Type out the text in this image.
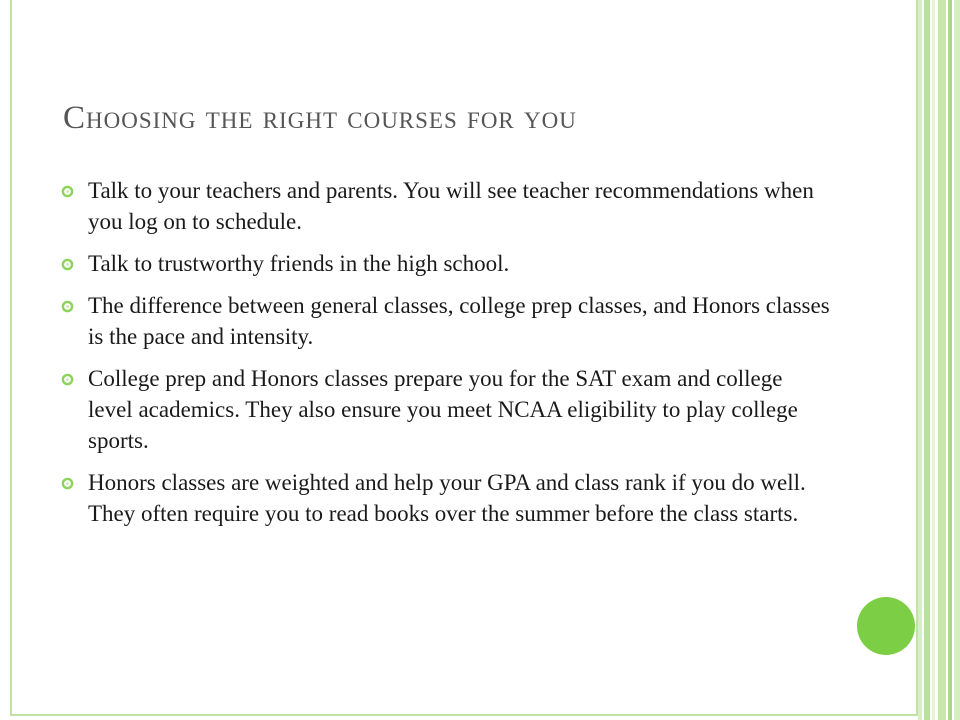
Choosing the right courses for you
Talk to your teachers and parents. You will see teacher recommendations when you log on to schedule.
Talk to trustworthy friends in the high school.
The difference between general classes, college prep classes, and Honors classes is the pace and intensity.
College prep and Honors classes prepare you for the SAT exam and college level academics. They also ensure you meet NCAA eligibility to play college sports.
Honors classes are weighted and help your GPA and class rank if you do well. They often require you to read books over the summer before the class starts.
